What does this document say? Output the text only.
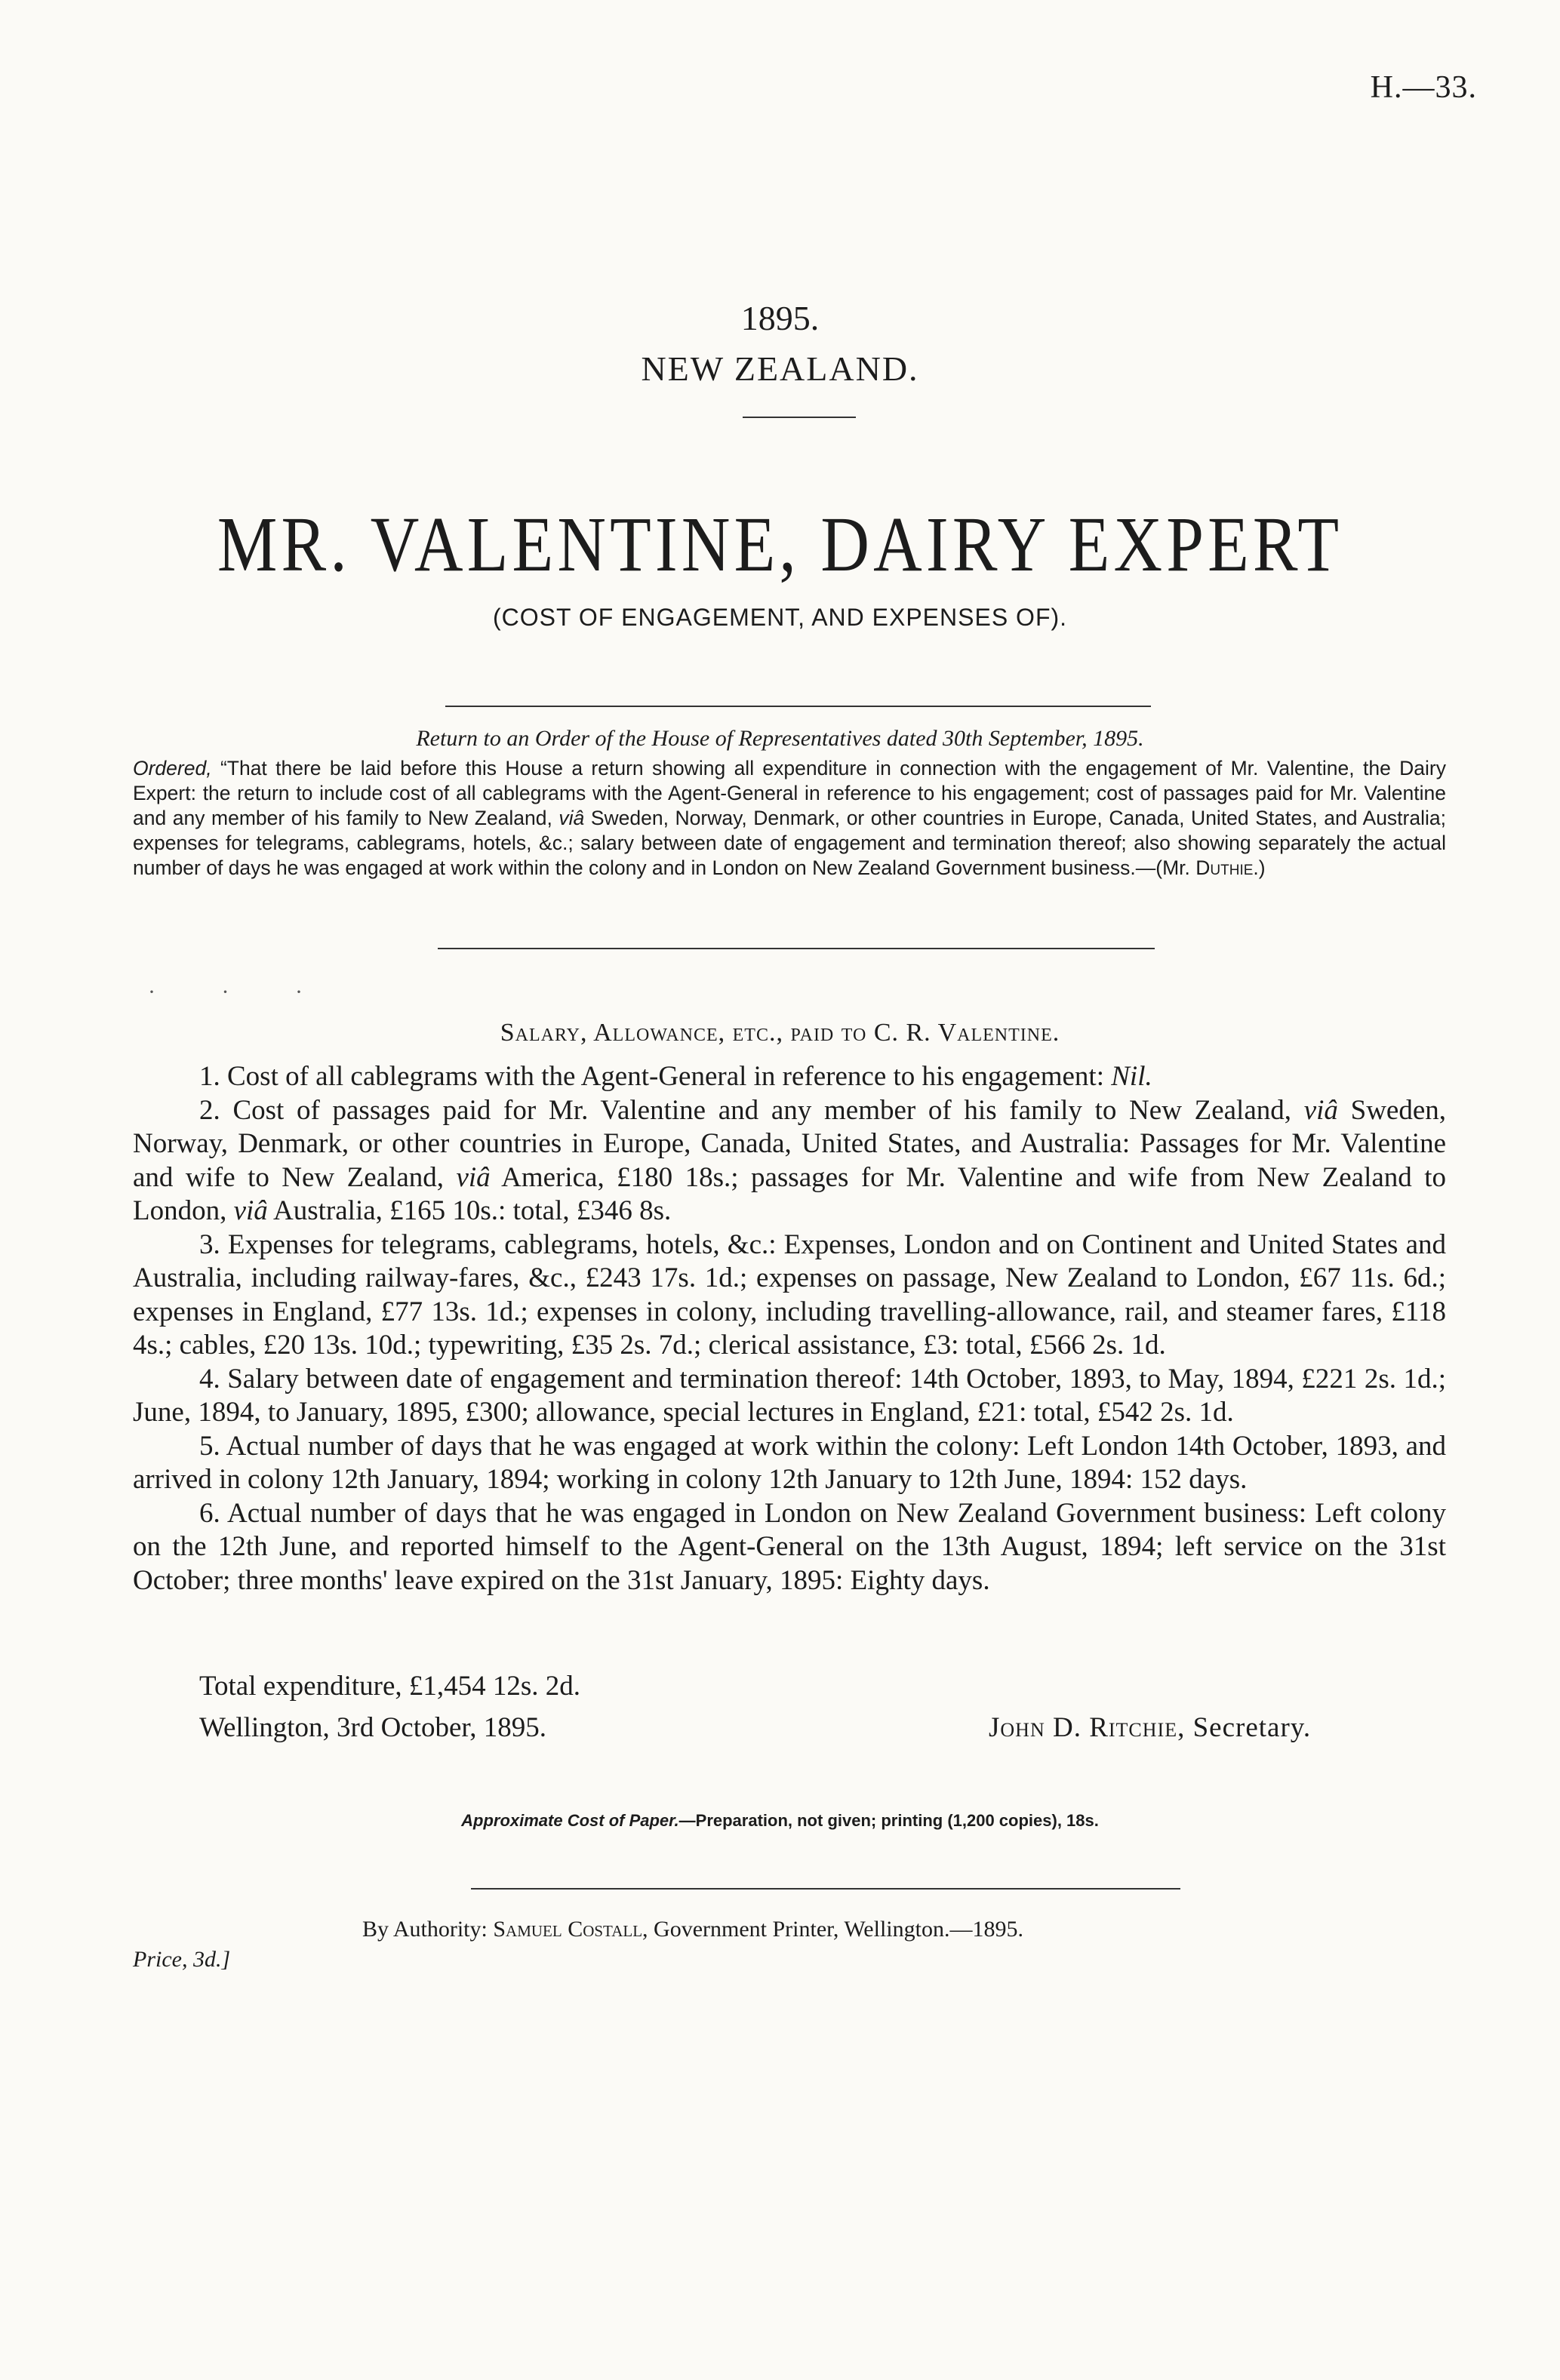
H.—33.
1895.
NEW ZEALAND.
MR. VALENTINE, DAIRY EXPERT
(COST OF ENGAGEMENT, AND EXPENSES OF).
Return to an Order of the House of Representatives dated 30th September, 1895.
Ordered, “That there be laid before this House a return showing all expenditure in connection with the engagement of Mr. Valentine, the Dairy Expert: the return to include cost of all cablegrams with the Agent-General in reference to his engagement; cost of passages paid for Mr. Valentine and any member of his family to New Zealand, viâ Sweden, Norway, Denmark, or other countries in Europe, Canada, United States, and Australia; expenses for telegrams, cablegrams, hotels, &c.; salary between date of engagement and termination thereof; also showing separately the actual number of days he was engaged at work within the colony and in London on New Zealand Government business.—(Mr. Duthie.)
· · ·
Salary, Allowance, etc., paid to C. R. Valentine.

1. Cost of all cablegrams with the Agent-General in reference to his engagement: Nil.

2. Cost of passages paid for Mr. Valentine and any member of his family to New Zealand, viâ Sweden, Norway, Denmark, or other countries in Europe, Canada, United States, and Australia: Passages for Mr. Valentine and wife to New Zealand, viâ America, £180 18s.; passages for Mr. Valentine and wife from New Zealand to London, viâ Australia, £165 10s.: total, £346 8s.

3. Expenses for telegrams, cablegrams, hotels, &c.: Expenses, London and on Continent and United States and Australia, including railway-fares, &c., £243 17s. 1d.; expenses on passage, New Zealand to London, £67 11s. 6d.; expenses in England, £77 13s. 1d.; expenses in colony, including travelling-allowance, rail, and steamer fares, £118 4s.; cables, £20 13s. 10d.; typewriting, £35 2s. 7d.; clerical assistance, £3: total, £566 2s. 1d.

4. Salary between date of engagement and termination thereof: 14th October, 1893, to May, 1894, £221 2s. 1d.; June, 1894, to January, 1895, £300; allowance, special lectures in England, £21: total, £542 2s. 1d.

5. Actual number of days that he was engaged at work within the colony: Left London 14th October, 1893, and arrived in colony 12th January, 1894; working in colony 12th January to 12th June, 1894: 152 days.

6. Actual number of days that he was engaged in London on New Zealand Government business: Left colony on the 12th June, and reported himself to the Agent-General on the 13th August, 1894; left service on the 31st October; three months' leave expired on the 31st January, 1895: Eighty days.

Total expenditure, £1,454 12s. 2d.
Wellington, 3rd October, 1895.	John D. Ritchie, Secretary.
Approximate Cost of Paper.—Preparation, not given; printing (1,200 copies), 18s.
By Authority: Samuel Costall, Government Printer, Wellington.—1895.
Price, 3d.]
